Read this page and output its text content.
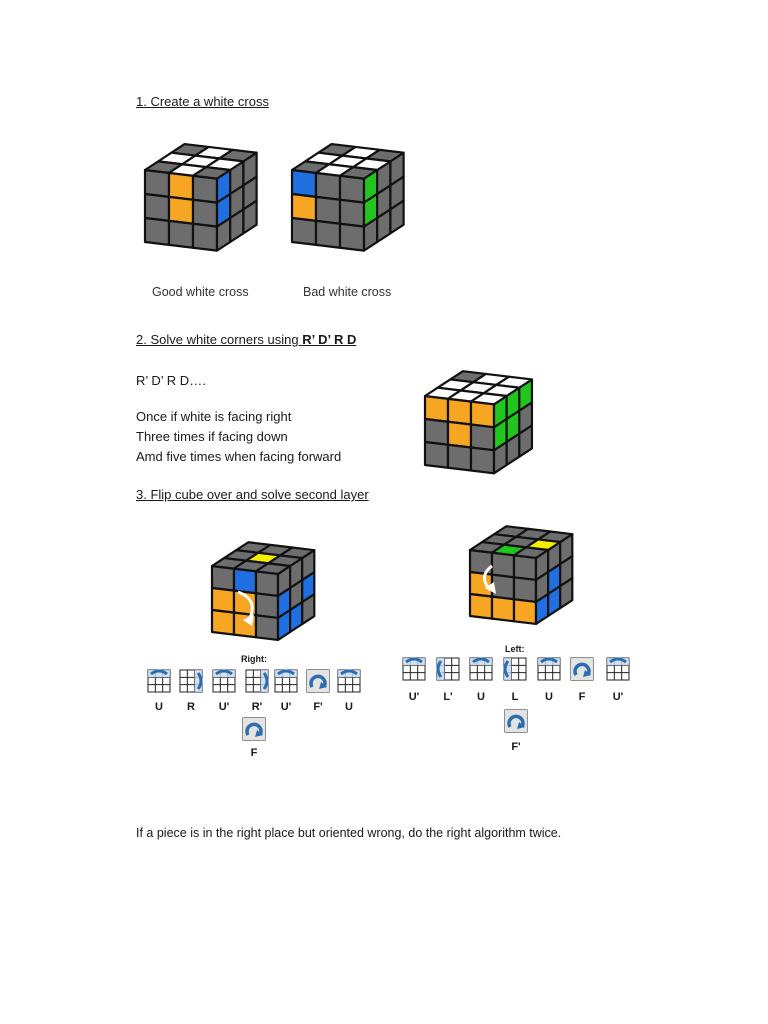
1. Create a white cross
Good white cross	Bad white cross
2. Solve white corners using R’ D’ R D
R’ D’ R D….
Once if white is facing right
Three times if facing down
Amd five times when facing forward
3. Flip cube over and solve second layer
If a piece is in the right place but oriented wrong, do the right algorithm twice.
Right:
U R U' R' U' F' U
F
Left:
U' L' U L U F U'
F'
